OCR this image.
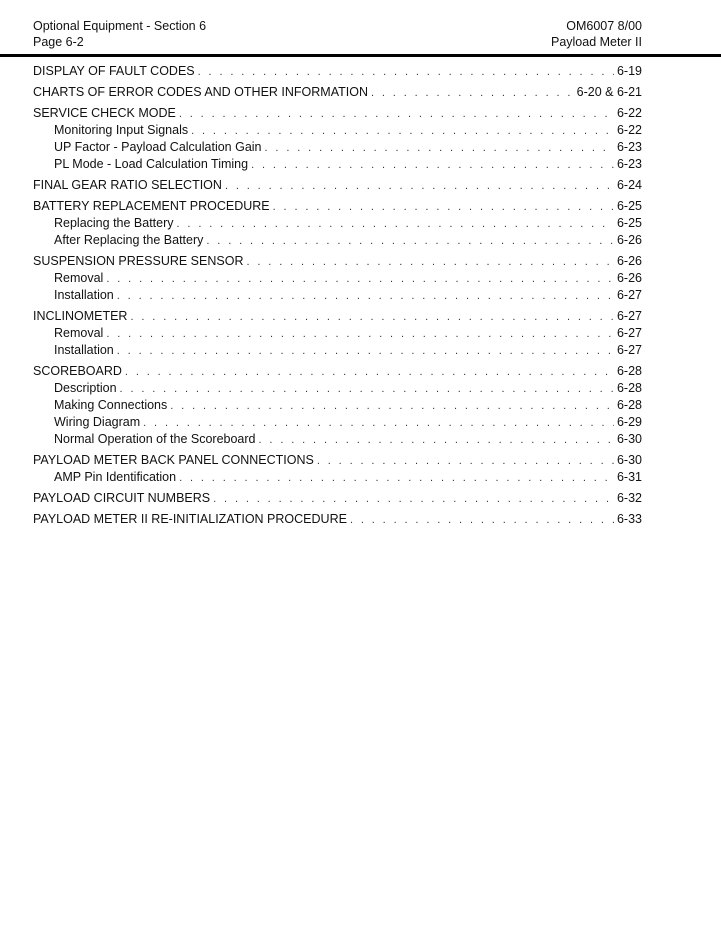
Optional Equipment - Section 6
Page 6-2
OM6007 8/00
Payload Meter II
DISPLAY OF FAULT CODES . . .	6-19
CHARTS OF ERROR CODES AND OTHER INFORMATION . . .	6-20 & 6-21
SERVICE CHECK MODE . . .	6-22
Monitoring Input Signals . . .	6-22
UP Factor - Payload Calculation Gain . . .	6-23
PL Mode - Load Calculation Timing . . .	6-23
FINAL GEAR RATIO SELECTION . . .	6-24
BATTERY REPLACEMENT PROCEDURE . . .	6-25
Replacing the Battery . . .	6-25
After Replacing the Battery . . .	6-26
SUSPENSION PRESSURE SENSOR . . .	6-26
Removal . . .	6-26
Installation . . .	6-27
INCLINOMETER . . .	6-27
Removal . . .	6-27
Installation . . .	6-27
SCOREBOARD . . .	6-28
Description . . .	6-28
Making Connections . . .	6-28
Wiring Diagram . . .	6-29
Normal Operation of the Scoreboard . . .	6-30
PAYLOAD METER BACK PANEL CONNECTIONS . . .	6-30
AMP Pin Identification . . .	6-31
PAYLOAD CIRCUIT NUMBERS . . .	6-32
PAYLOAD METER II RE-INITIALIZATION PROCEDURE . . .	6-33
